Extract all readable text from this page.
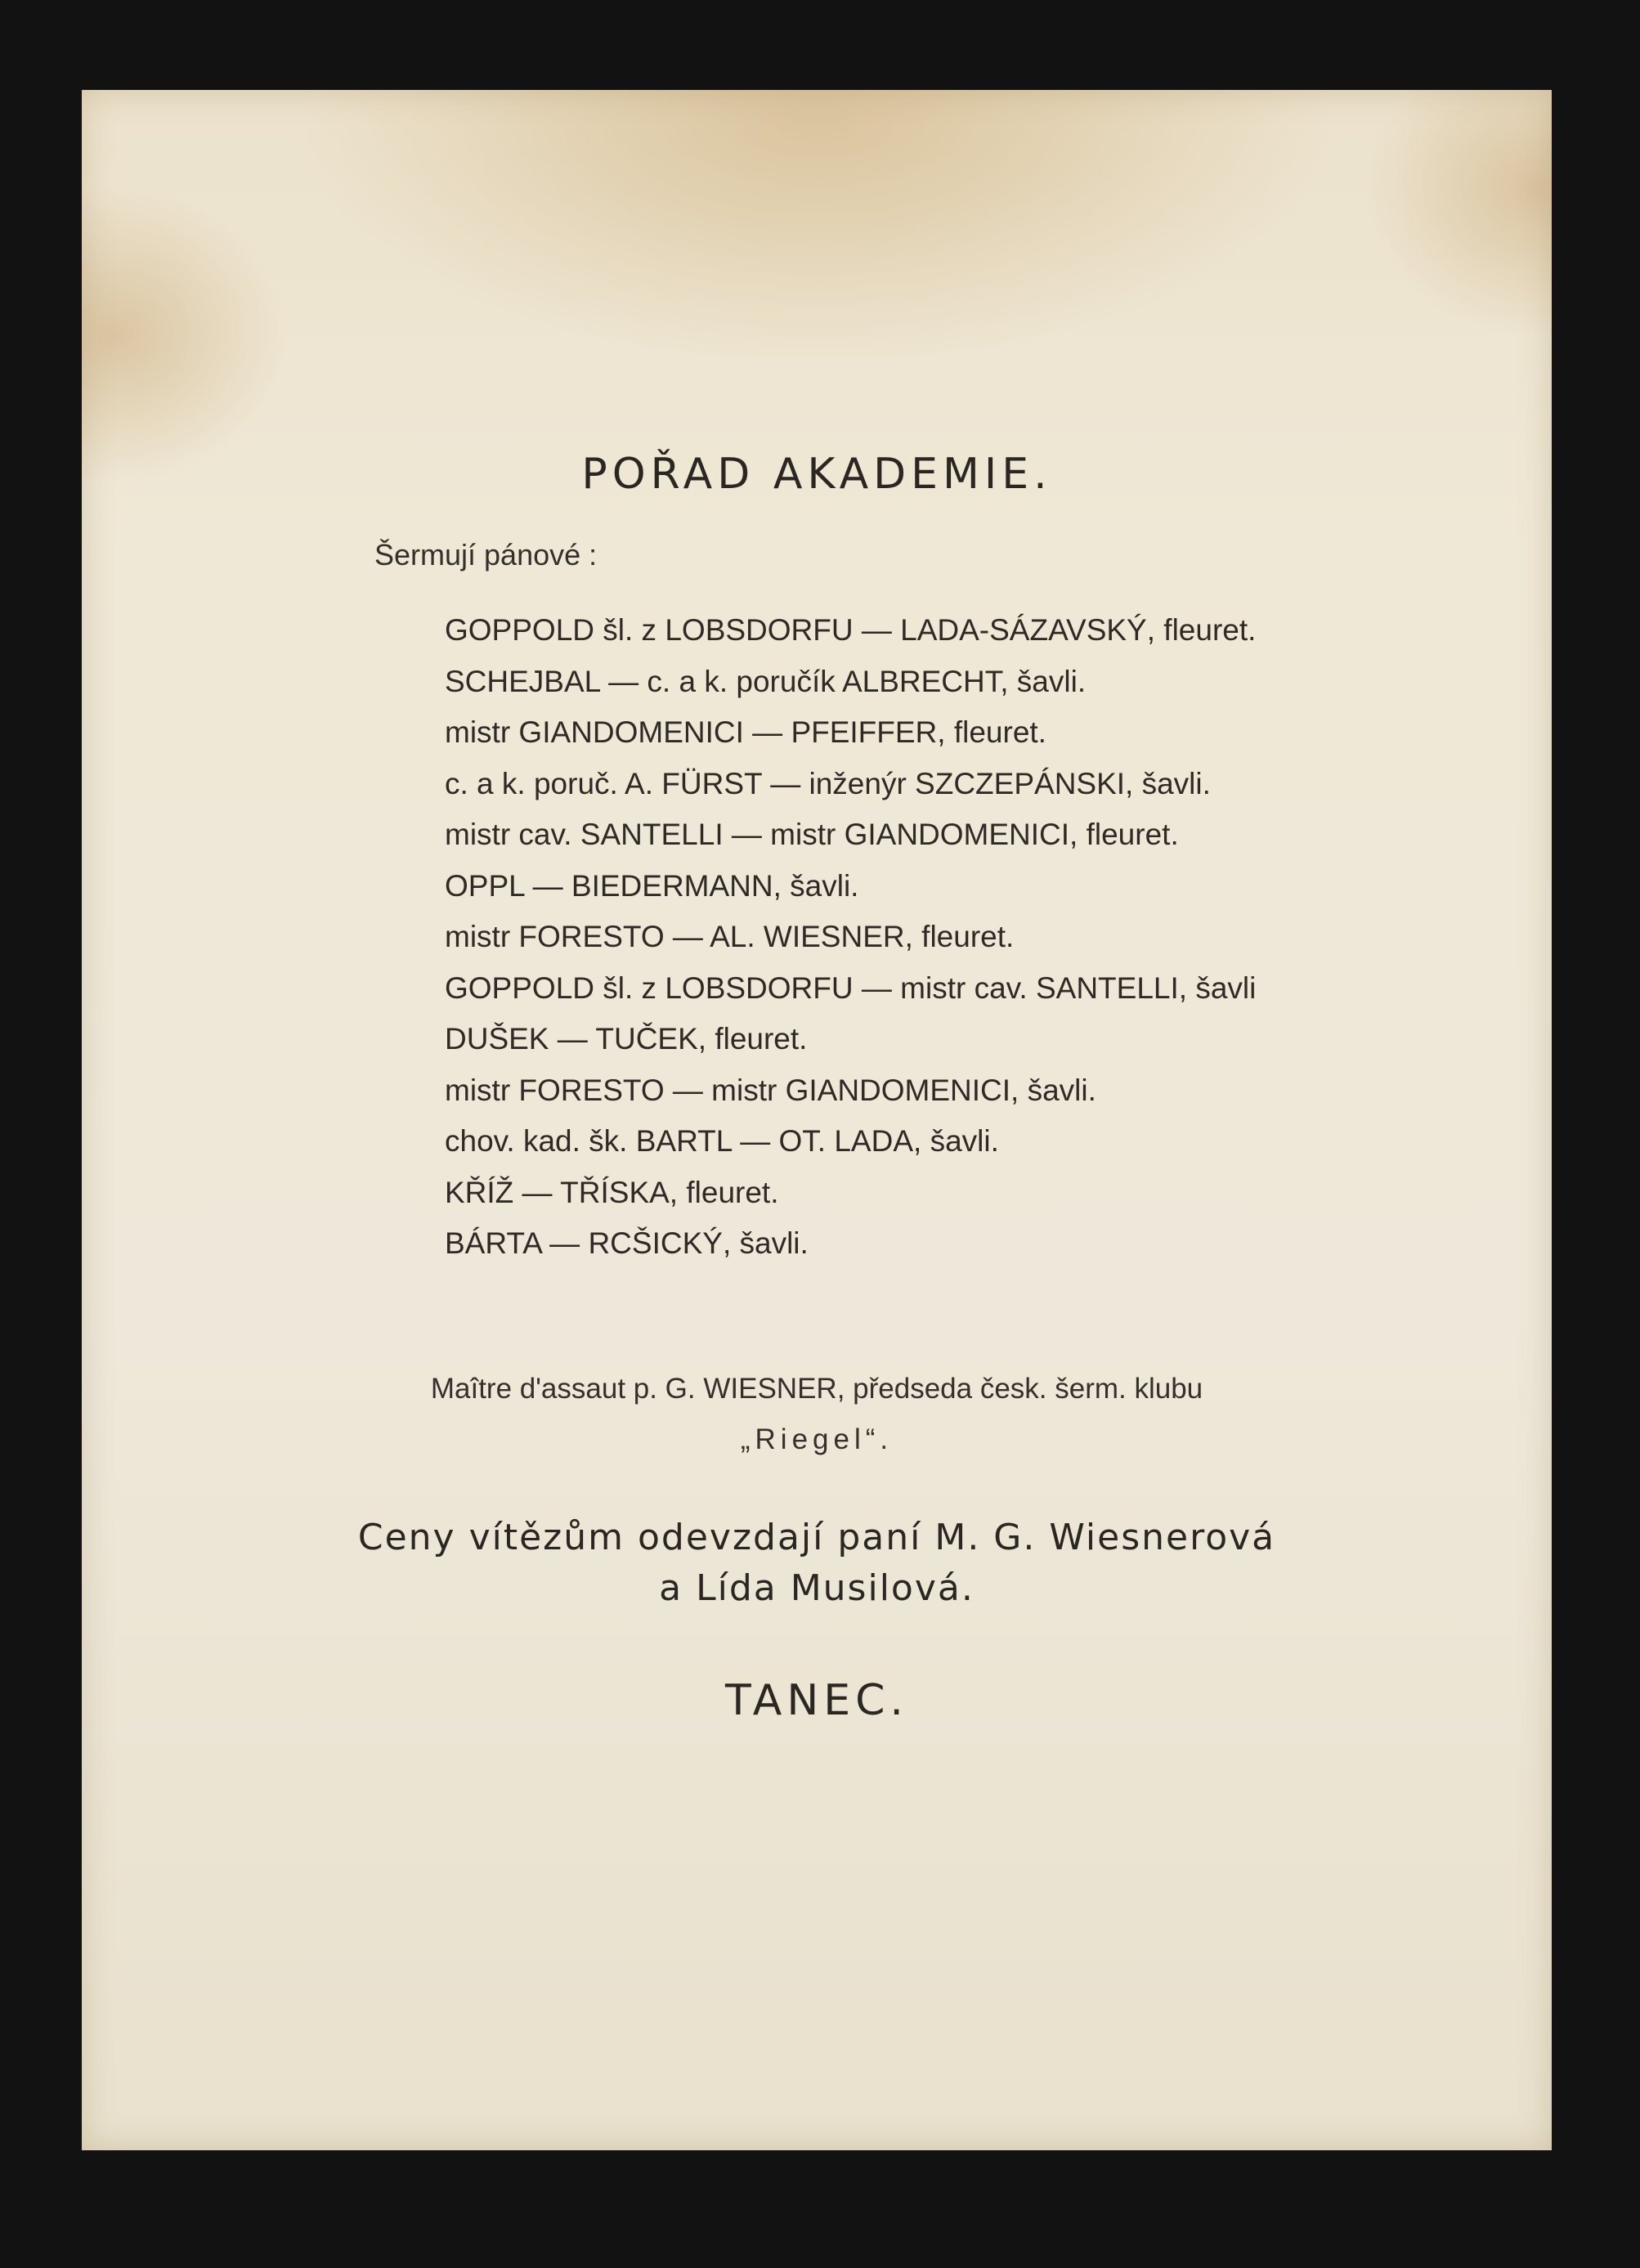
POŘAD AKADEMIE.
Šermují pánové :
GOPPOLD šl. z LOBSDORFU — LADA-SÁZAVSKÝ, fleuret.
SCHEJBAL — c. a k. poručík ALBRECHT, šavli.
mistr GIANDOMENICI — PFEIFFER, fleuret.
c. a k. poruč. A. FÜRST — inženýr SZCZEPÁNSKI, šavli.
mistr cav. SANTELLI — mistr GIANDOMENICI, fleuret.
OPPL — BIEDERMANN, šavli.
mistr FORESTO — AL. WIESNER, fleuret.
GOPPOLD šl. z LOBSDORFU — mistr cav. SANTELLI, šavli
DUŠEK — TUČEK, fleuret.
mistr FORESTO — mistr GIANDOMENICI, šavli.
chov. kad. šk. BARTL — OT. LADA, šavli.
KŘÍŽ — TŘÍSKA, fleuret.
BÁRTA — RCŠICKÝ, šavli.
Maître d'assaut p. G. WIESNER, předseda česk. šerm. klubu
„Riegel“.
Ceny vítězům odevzdají paní M. G. Wiesnerová
a Lída Musilová.
TANEC.
